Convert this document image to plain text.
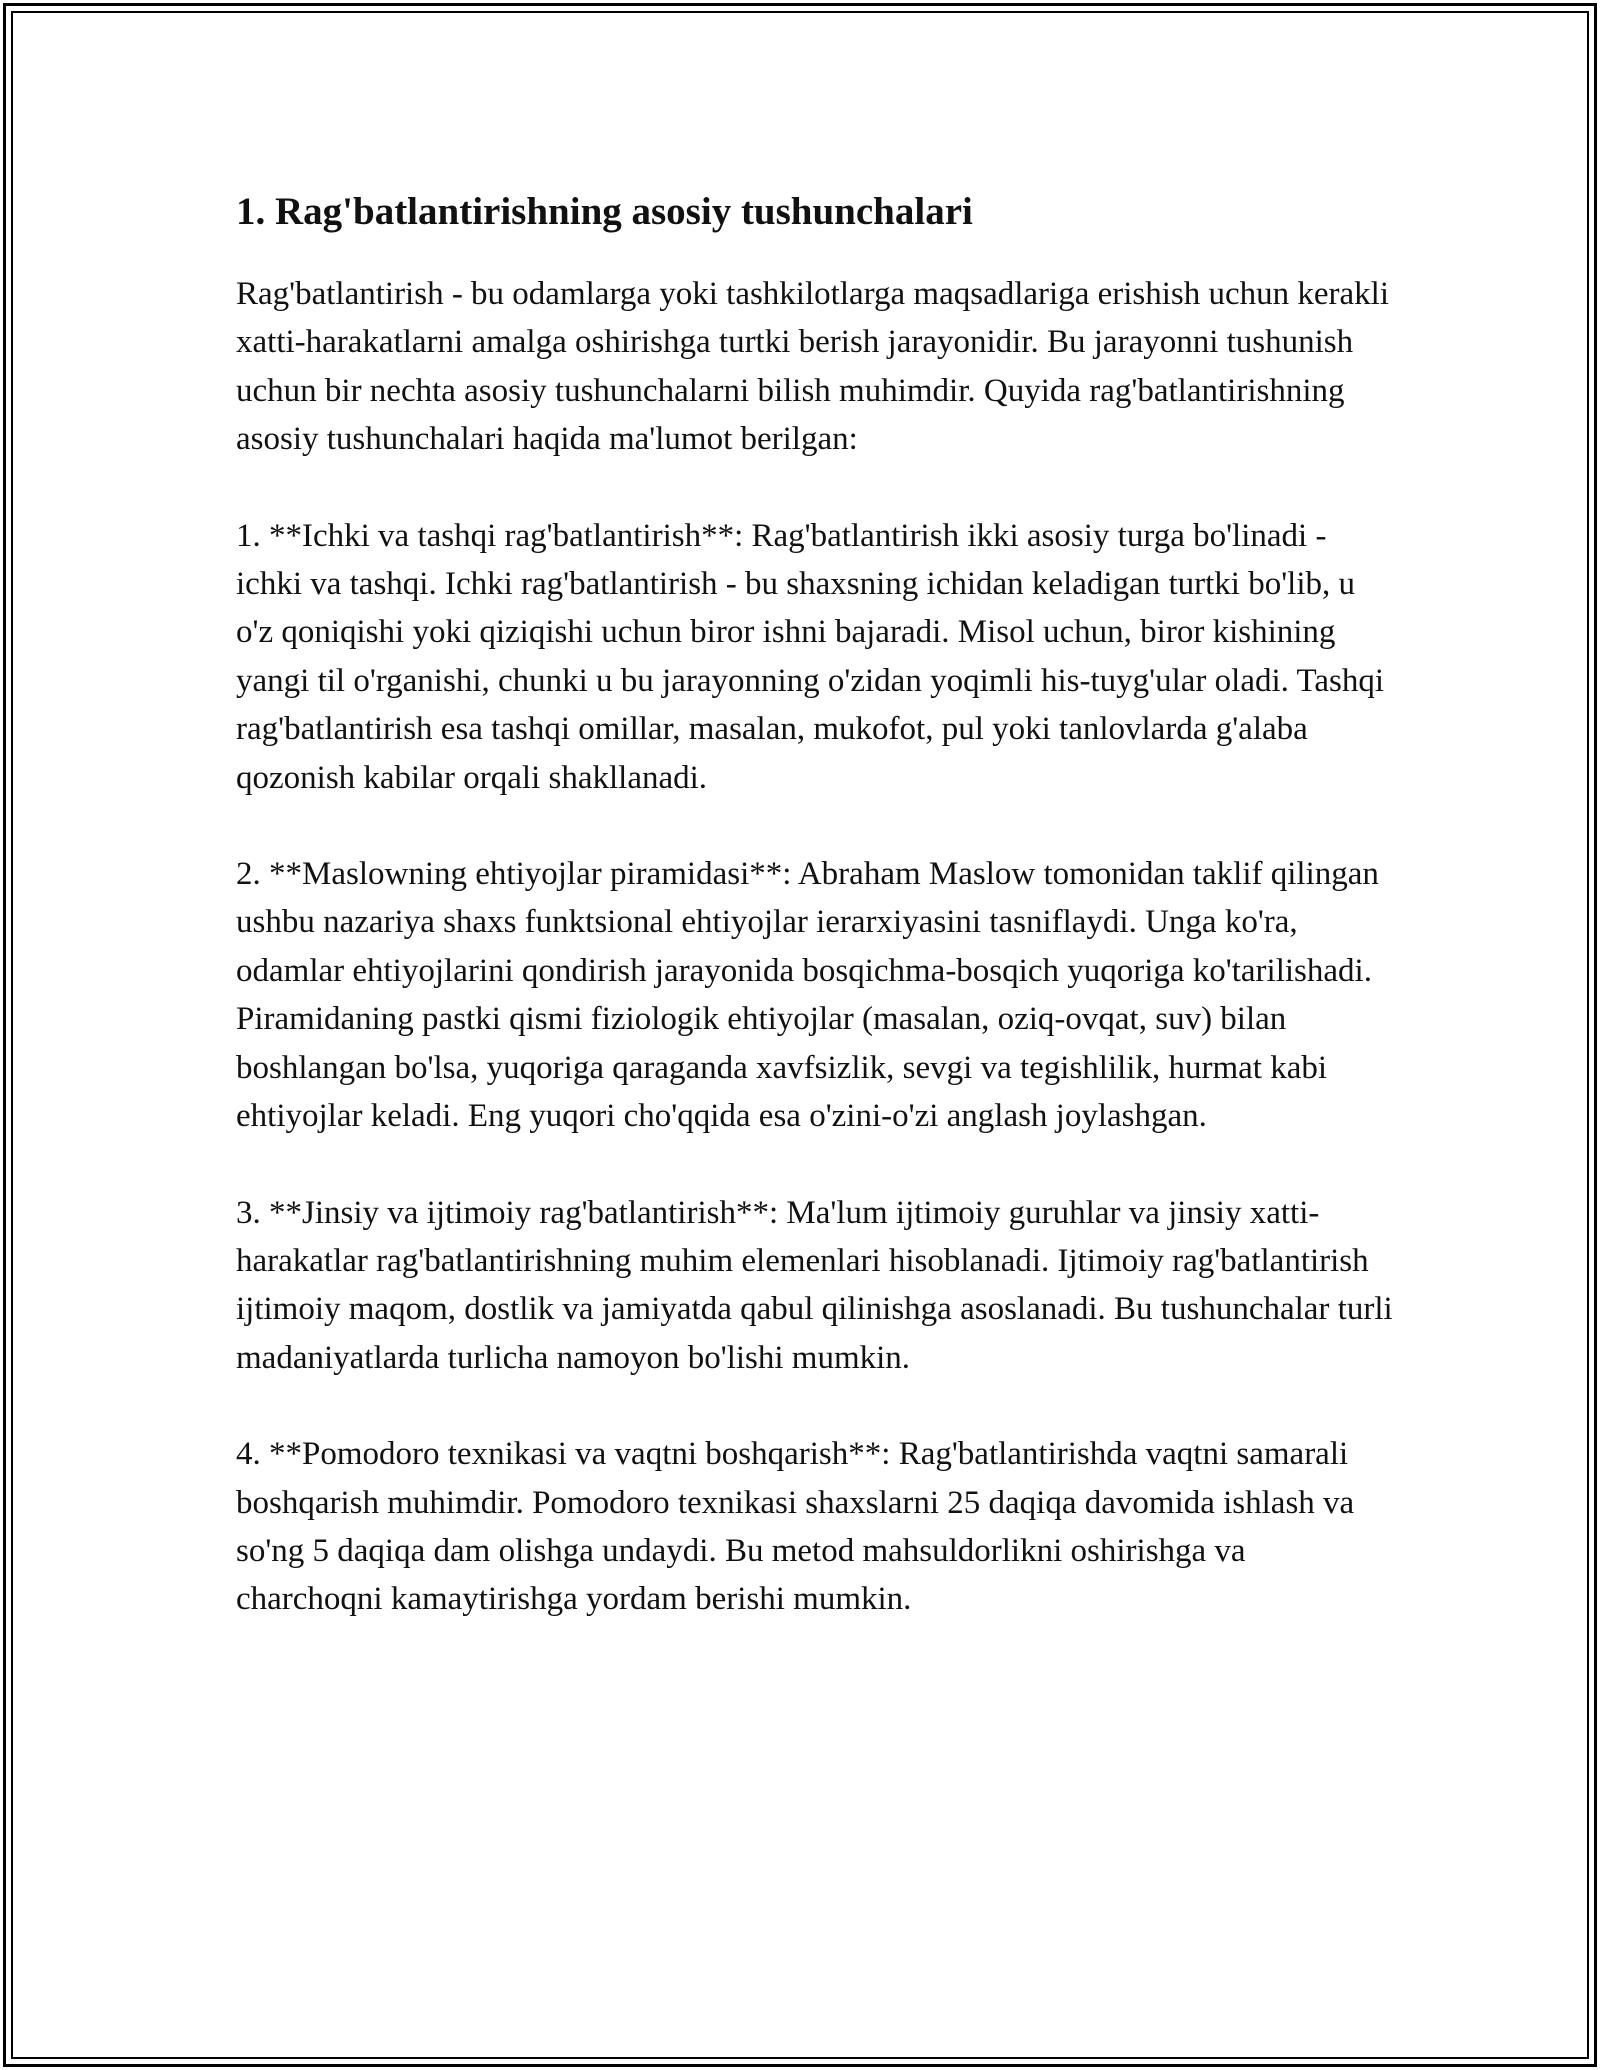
1. Rag'batlantirishning asosiy tushunchalari

Rag'batlantirish - bu odamlarga yoki tashkilotlarga maqsadlariga erishish uchun kerakli xatti-harakatlarni amalga oshirishga turtki berish jarayonidir. Bu jarayonni tushunish uchun bir nechta asosiy tushunchalarni bilish muhimdir. Quyida rag'batlantirishning asosiy tushunchalari haqida ma'lumot berilgan:

1. **Ichki va tashqi rag'batlantirish**: Rag'batlantirish ikki asosiy turga bo'linadi - ichki va tashqi. Ichki rag'batlantirish - bu shaxsning ichidan keladigan turtki bo'lib, u o'z qoniqishi yoki qiziqishi uchun biror ishni bajaradi. Misol uchun, biror kishining yangi til o'rganishi, chunki u bu jarayonning o'zidan yoqimli his-tuyg'ular oladi. Tashqi rag'batlantirish esa tashqi omillar, masalan, mukofot, pul yoki tanlovlarda g'alaba qozonish kabilar orqali shakllanadi.

2. **Maslowning ehtiyojlar piramidasi**: Abraham Maslow tomonidan taklif qilingan ushbu nazariya shaxs funktsional ehtiyojlar ierarxiyasini tasniflaydi. Unga ko'ra, odamlar ehtiyojlarini qondirish jarayonida bosqichma-bosqich yuqoriga ko'tarilishadi. Piramidaning pastki qismi fiziologik ehtiyojlar (masalan, oziq-ovqat, suv) bilan boshlangan bo'lsa, yuqoriga qaraganda xavfsizlik, sevgi va tegishlilik, hurmat kabi ehtiyojlar keladi. Eng yuqori cho'qqida esa o'zini-o'zi anglash joylashgan.

3. **Jinsiy va ijtimoiy rag'batlantirish**: Ma'lum ijtimoiy guruhlar va jinsiy xatti-harakatlar rag'batlantirishning muhim elemenlari hisoblanadi. Ijtimoiy rag'batlantirish ijtimoiy maqom, dostlik va jamiyatda qabul qilinishga asoslanadi. Bu tushunchalar turli madaniyatlarda turlicha namoyon bo'lishi mumkin.

4. **Pomodoro texnikasi va vaqtni boshqarish**: Rag'batlantirishda vaqtni samarali boshqarish muhimdir. Pomodoro texnikasi shaxslarni 25 daqiqa davomida ishlash va so'ng 5 daqiqa dam olishga undaydi. Bu metod mahsuldorlikni oshirishga va charchoqni kamaytirishga yordam berishi mumkin.
